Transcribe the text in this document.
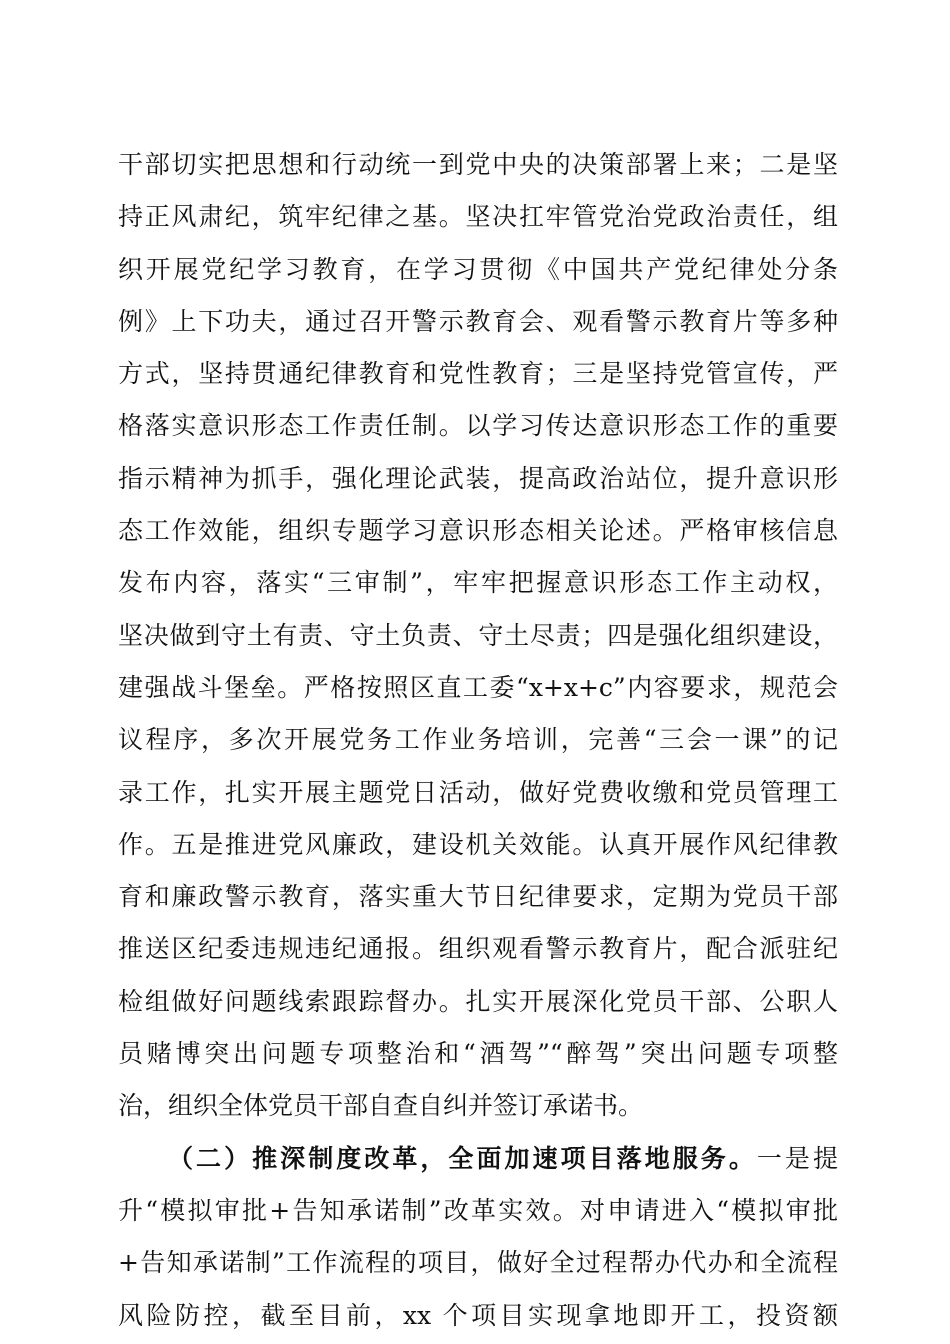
干部切实把思想和行动统一到党中央的决策部署上来；二是坚
持正风肃纪，筑牢纪律之基。坚决扛牢管党治党政治责任，组
织开展党纪学习教育，在学习贯彻《中国共产党纪律处分条
例》上下功夫，通过召开警示教育会、观看警示教育片等多种
方式，坚持贯通纪律教育和党性教育；三是坚持党管宣传，严
格落实意识形态工作责任制。以学习传达意识形态工作的重要
指示精神为抓手，强化理论武装，提高政治站位，提升意识形
态工作效能，组织专题学习意识形态相关论述。严格审核信息
发布内容，落实“三审制”，牢牢把握意识形态工作主动权，
坚决做到守土有责、守土负责、守土尽责；四是强化组织建设，
建强战斗堡垒。严格按照区直工委“x+x+c”内容要求，规范会
议程序，多次开展党务工作业务培训，完善“三会一课”的记
录工作，扎实开展主题党日活动，做好党费收缴和党员管理工
作。五是推进党风廉政，建设机关效能。认真开展作风纪律教
育和廉政警示教育，落实重大节日纪律要求，定期为党员干部
推送区纪委违规违纪通报。组织观看警示教育片，配合派驻纪
检组做好问题线索跟踪督办。扎实开展深化党员干部、公职人
员赌博突出问题专项整治和“酒驾”“醉驾”突出问题专项整
治，组织全体党员干部自查自纠并签订承诺书。
（二）推深制度改革，全面加速项目落地服务。一是提
升“模拟审批+告知承诺制”改革实效。对申请进入“模拟审批
+告知承诺制”工作流程的项目，做好全过程帮办代办和全流程
风险防控，截至目前，xx 个项目实现拿地即开工，投资额
